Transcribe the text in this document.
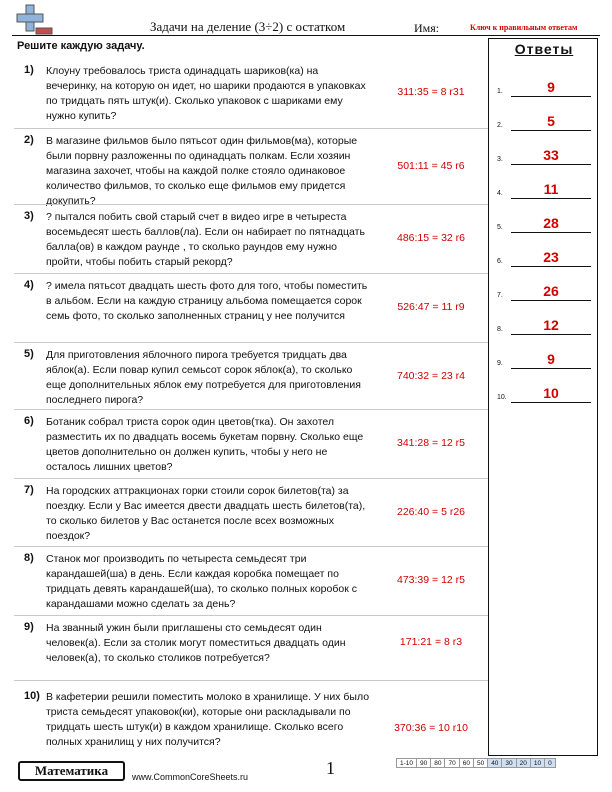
Задачи на деление (3÷2) с остатком	Имя:	Ключ к правильным ответам
Решите каждую задачу.
1) Клоуну требовалось триста одинадцать шариков(ка) на вечеринку, на которую он идет, но шарики продаются в упаковках по тридцать пять штук(и). Сколько упаковок с шариками ему нужно купить?
311:35 = 8 r31
2) В магазине фильмов было пятьсот один фильмов(ма), которые были порвну разложенны по одинадцать полкам. Если хозяин магазина захочет, чтобы на каждой полке стояло одинаковое количество фильмов, то сколько еще фильмов ему придется докупить?
501:11 = 45 r6
3) ? пытался побить свой старый счет в видео игре в четыреста восемьдесят шесть баллов(ла). Если он набирает по пятнадцать балла(ов) в каждом раунде , то сколько раундов ему нужно пройти, чтобы побить старый рекорд?
486:15 = 32 r6
4) ? имела пятьсот двадцать шесть фото для того, чтобы поместить в альбом. Если на каждую страницу альбома помещается сорок семь фото, то сколько заполненных страниц у нее получится
526:47 = 11 r9
5) Для приготовления яблочного пирога требуется тридцать два яблок(а). Если повар купил семьсот сорок яблок(а), то сколько еще дополнительных яблок ему потребуется для приготовления последнего пирога?
740:32 = 23 r4
6) Ботаник собрал триста сорок один цветов(тка). Он захотел разместить их по двадцать восемь букетам порвну. Сколько еще цветов дополнительно он должен купить, чтобы у него не осталось лишних цветов?
341:28 = 12 r5
7) На городских аттракционах горки стоили сорок билетов(та) за поездку. Если у Вас имеется двести двадцать шесть билетов(та), то сколько билетов у Вас останется после всех возможных поездок?
226:40 = 5 r26
8) Станок мог производить по четыреста семьдесят три карандашей(ша) в день. Если каждая коробка помещает по тридцать девять карандашей(ша), то сколько полных коробок с карандашами можно сделать за день?
473:39 = 12 r5
9) На званный ужин были приглашены сто семьдесят один человек(а). Если за столик могут поместиться двадцать один человек(а), то сколько столиков потребуется?
171:21 = 8 r3
10) В кафетерии решили поместить молоко в хранилище. У них было триста семьдесят упаковок(ки), которые они раскладывали по тридцать шесть штук(и) в каждом хранилище. Сколько всего полных хранилищ у них получится?
370:36 = 10 r10
Ответы
1.	9
2.	5
3.	33
4.	11
5.	28
6.	23
7.	26
8.	12
9.	9
10.	10
Математика	www.CommonCoreSheets.ru	1	1-10	90	80	70	60	50	40	30	20	10	0
